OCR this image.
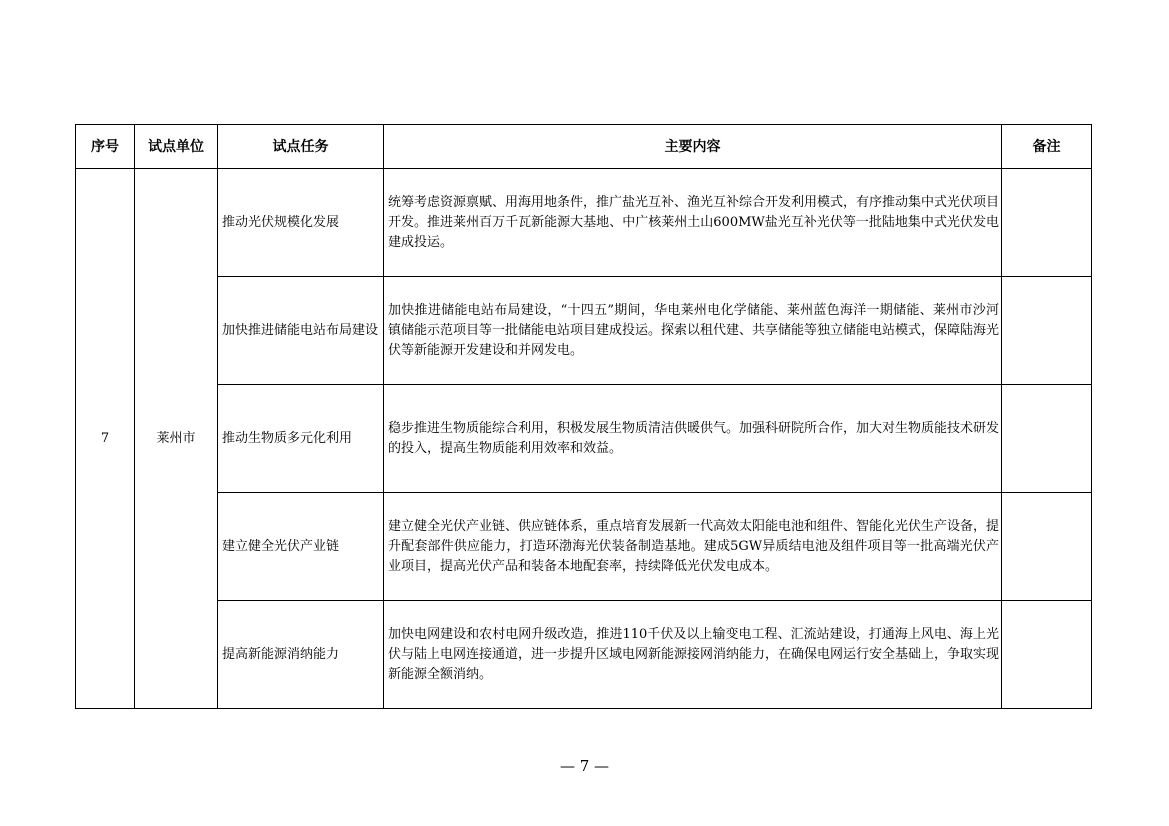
序号	试点单位	试点任务	主要内容	备注
7	莱州市	推动光伏规模化发展	统筹考虑资源禀赋、用海用地条件，推广盐光互补、渔光互补综合开发利用模式，有序推动集中式光伏项目开发。推进莱州百万千瓦新能源大基地、中广核莱州土山600MW盐光互补光伏等一批陆地集中式光伏发电建成投运。	

		加快推进储能电站布局建设	加快推进储能电站布局建设，“十四五”期间，华电莱州电化学储能、莱州蓝色海洋一期储能、莱州市沙河镇储能示范项目等一批储能电站项目建成投运。探索以租代建、共享储能等独立储能电站模式，保障陆海光伏等新能源开发建设和并网发电。	

		推动生物质多元化利用	稳步推进生物质能综合利用，积极发展生物质清洁供暖供气。加强科研院所合作，加大对生物质能技术研发的投入，提高生物质能利用效率和效益。	

		建立健全光伏产业链	建立健全光伏产业链、供应链体系，重点培育发展新一代高效太阳能电池和组件、智能化光伏生产设备，提升配套部件供应能力，打造环渤海光伏装备制造基地。建成5GW异质结电池及组件项目等一批高端光伏产业项目，提高光伏产品和装备本地配套率，持续降低光伏发电成本。	

		提高新能源消纳能力	加快电网建设和农村电网升级改造，推进110千伏及以上输变电工程、汇流站建设，打通海上风电、海上光伏与陆上电网连接通道，进一步提升区域电网新能源接网消纳能力，在确保电网运行安全基础上，争取实现新能源全额消纳。	

— 7 —
